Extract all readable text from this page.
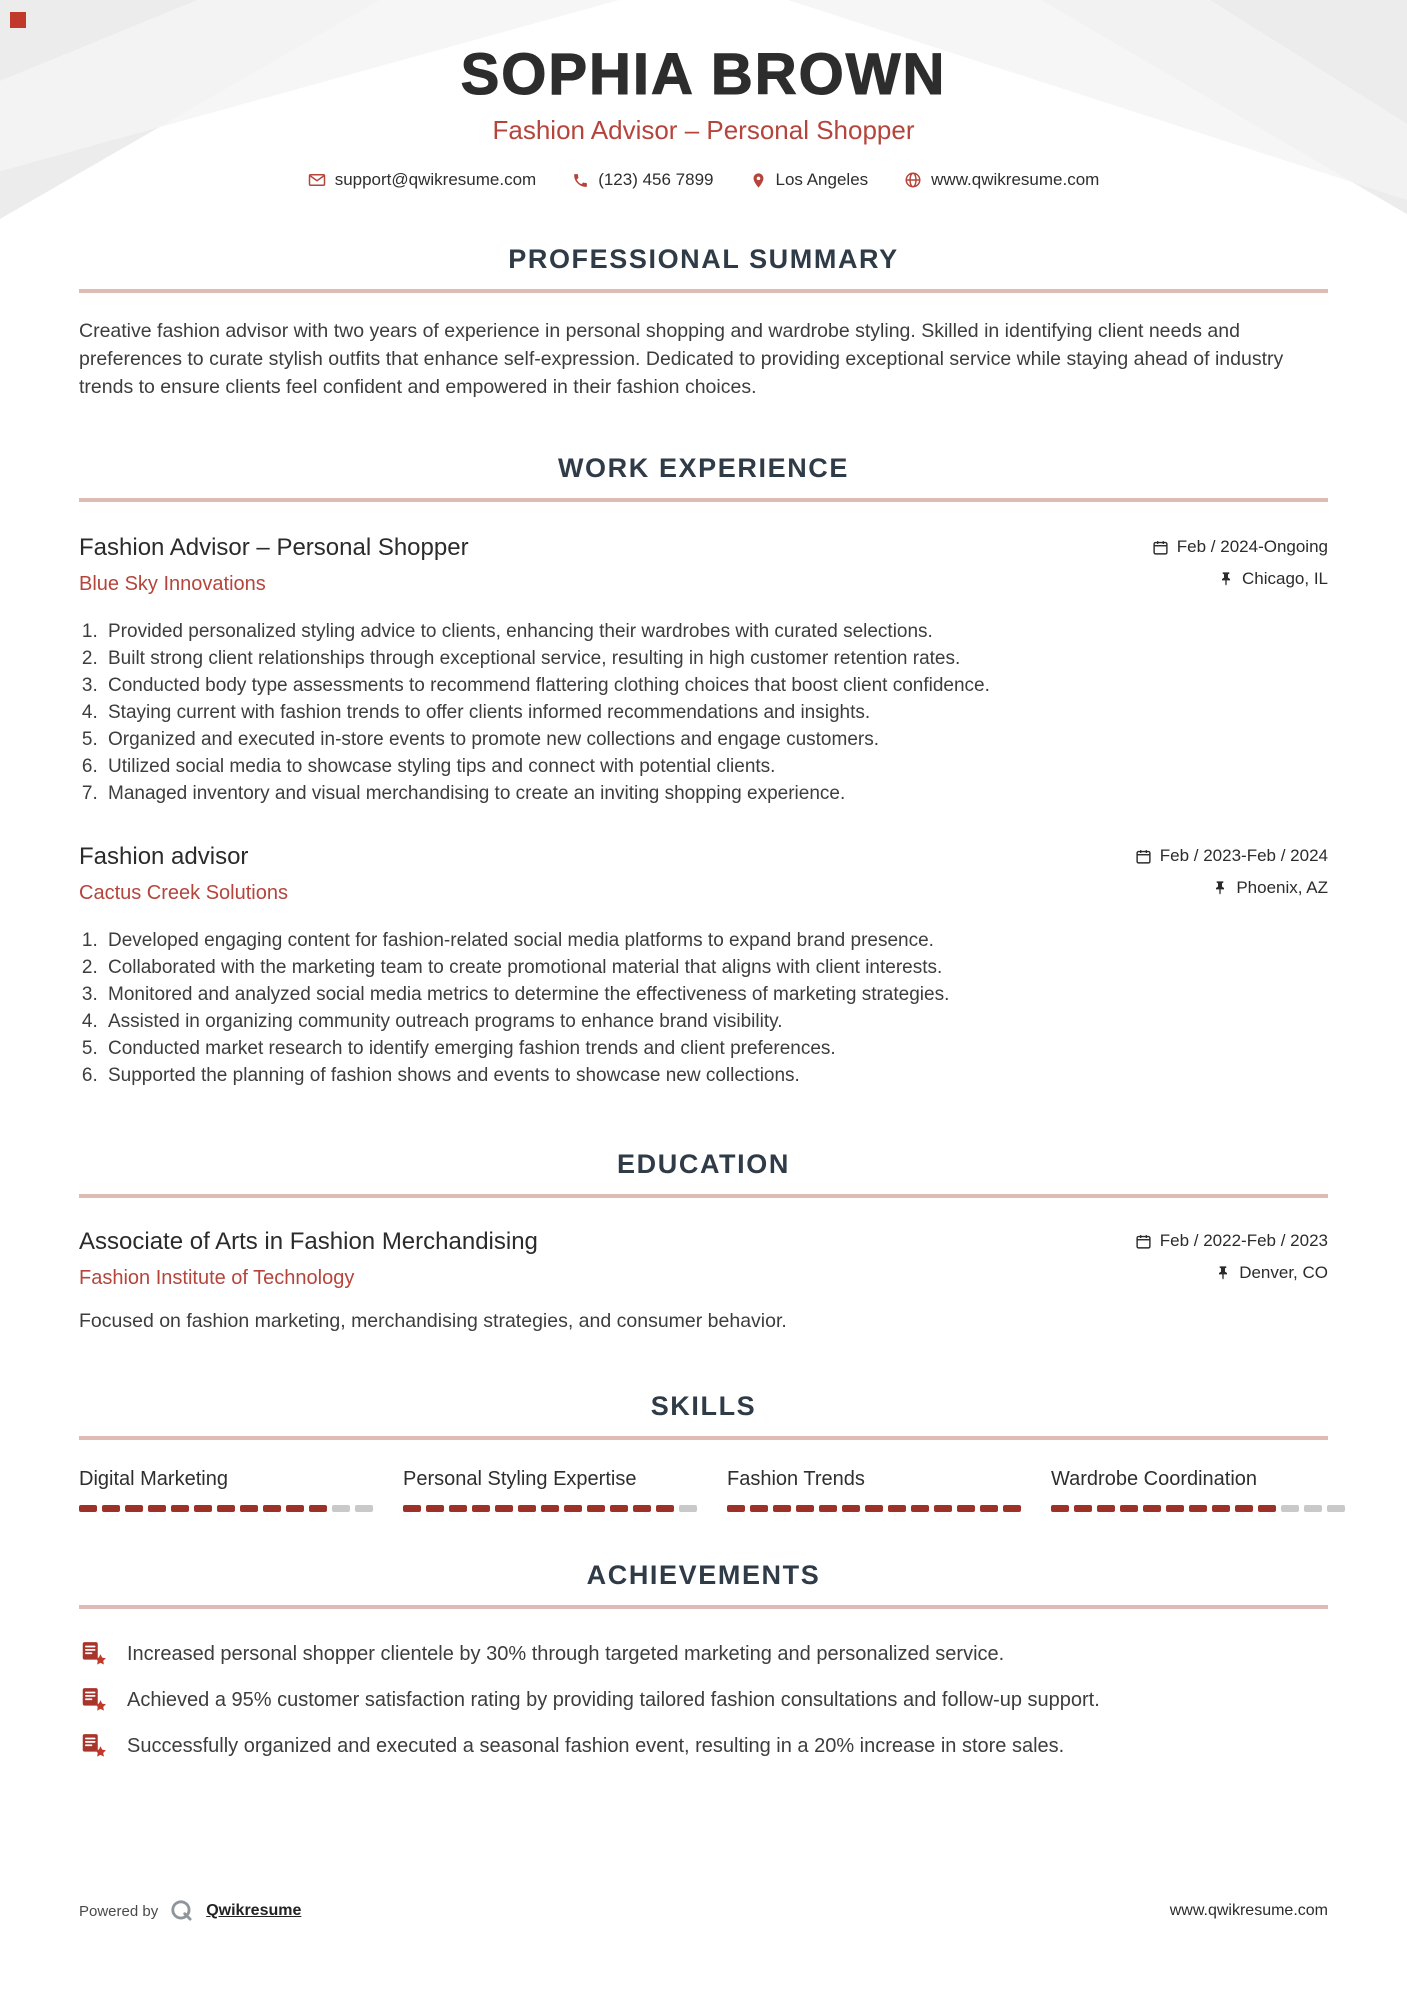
SOPHIA BROWN
Fashion Advisor – Personal Shopper
support@qwikresume.com	(123) 456 7899	Los Angeles	www.qwikresume.com
PROFESSIONAL SUMMARY

Creative fashion advisor with two years of experience in personal shopping and wardrobe styling. Skilled in identifying client needs and preferences to curate stylish outfits that enhance self-expression. Dedicated to providing exceptional service while staying ahead of industry trends to ensure clients feel confident and empowered in their fashion choices.

WORK EXPERIENCE
Fashion Advisor – Personal Shopper
Blue Sky Innovations
Feb / 2024-Ongoing
Chicago, IL
1. Provided personalized styling advice to clients, enhancing their wardrobes with curated selections.
2. Built strong client relationships through exceptional service, resulting in high customer retention rates.
3. Conducted body type assessments to recommend flattering clothing choices that boost client confidence.
4. Staying current with fashion trends to offer clients informed recommendations and insights.
5. Organized and executed in-store events to promote new collections and engage customers.
6. Utilized social media to showcase styling tips and connect with potential clients.
7. Managed inventory and visual merchandising to create an inviting shopping experience.
Fashion advisor
Cactus Creek Solutions
Feb / 2023-Feb / 2024
Phoenix, AZ
1. Developed engaging content for fashion-related social media platforms to expand brand presence.
2. Collaborated with the marketing team to create promotional material that aligns with client interests.
3. Monitored and analyzed social media metrics to determine the effectiveness of marketing strategies.
4. Assisted in organizing community outreach programs to enhance brand visibility.
5. Conducted market research to identify emerging fashion trends and client preferences.
6. Supported the planning of fashion shows and events to showcase new collections.
EDUCATION
Associate of Arts in Fashion Merchandising
Fashion Institute of Technology
Feb / 2022-Feb / 2023
Denver, CO

Focused on fashion marketing, merchandising strategies, and consumer behavior.

SKILLS
Digital Marketing	Personal Styling Expertise	Fashion Trends	Wardrobe Coordination
ACHIEVEMENTS
Increased personal shopper clientele by 30% through targeted marketing and personalized service.
Achieved a 95% customer satisfaction rating by providing tailored fashion consultations and follow-up support.
Successfully organized and executed a seasonal fashion event, resulting in a 20% increase in store sales.
Powered by	Qwikresume	www.qwikresume.com
